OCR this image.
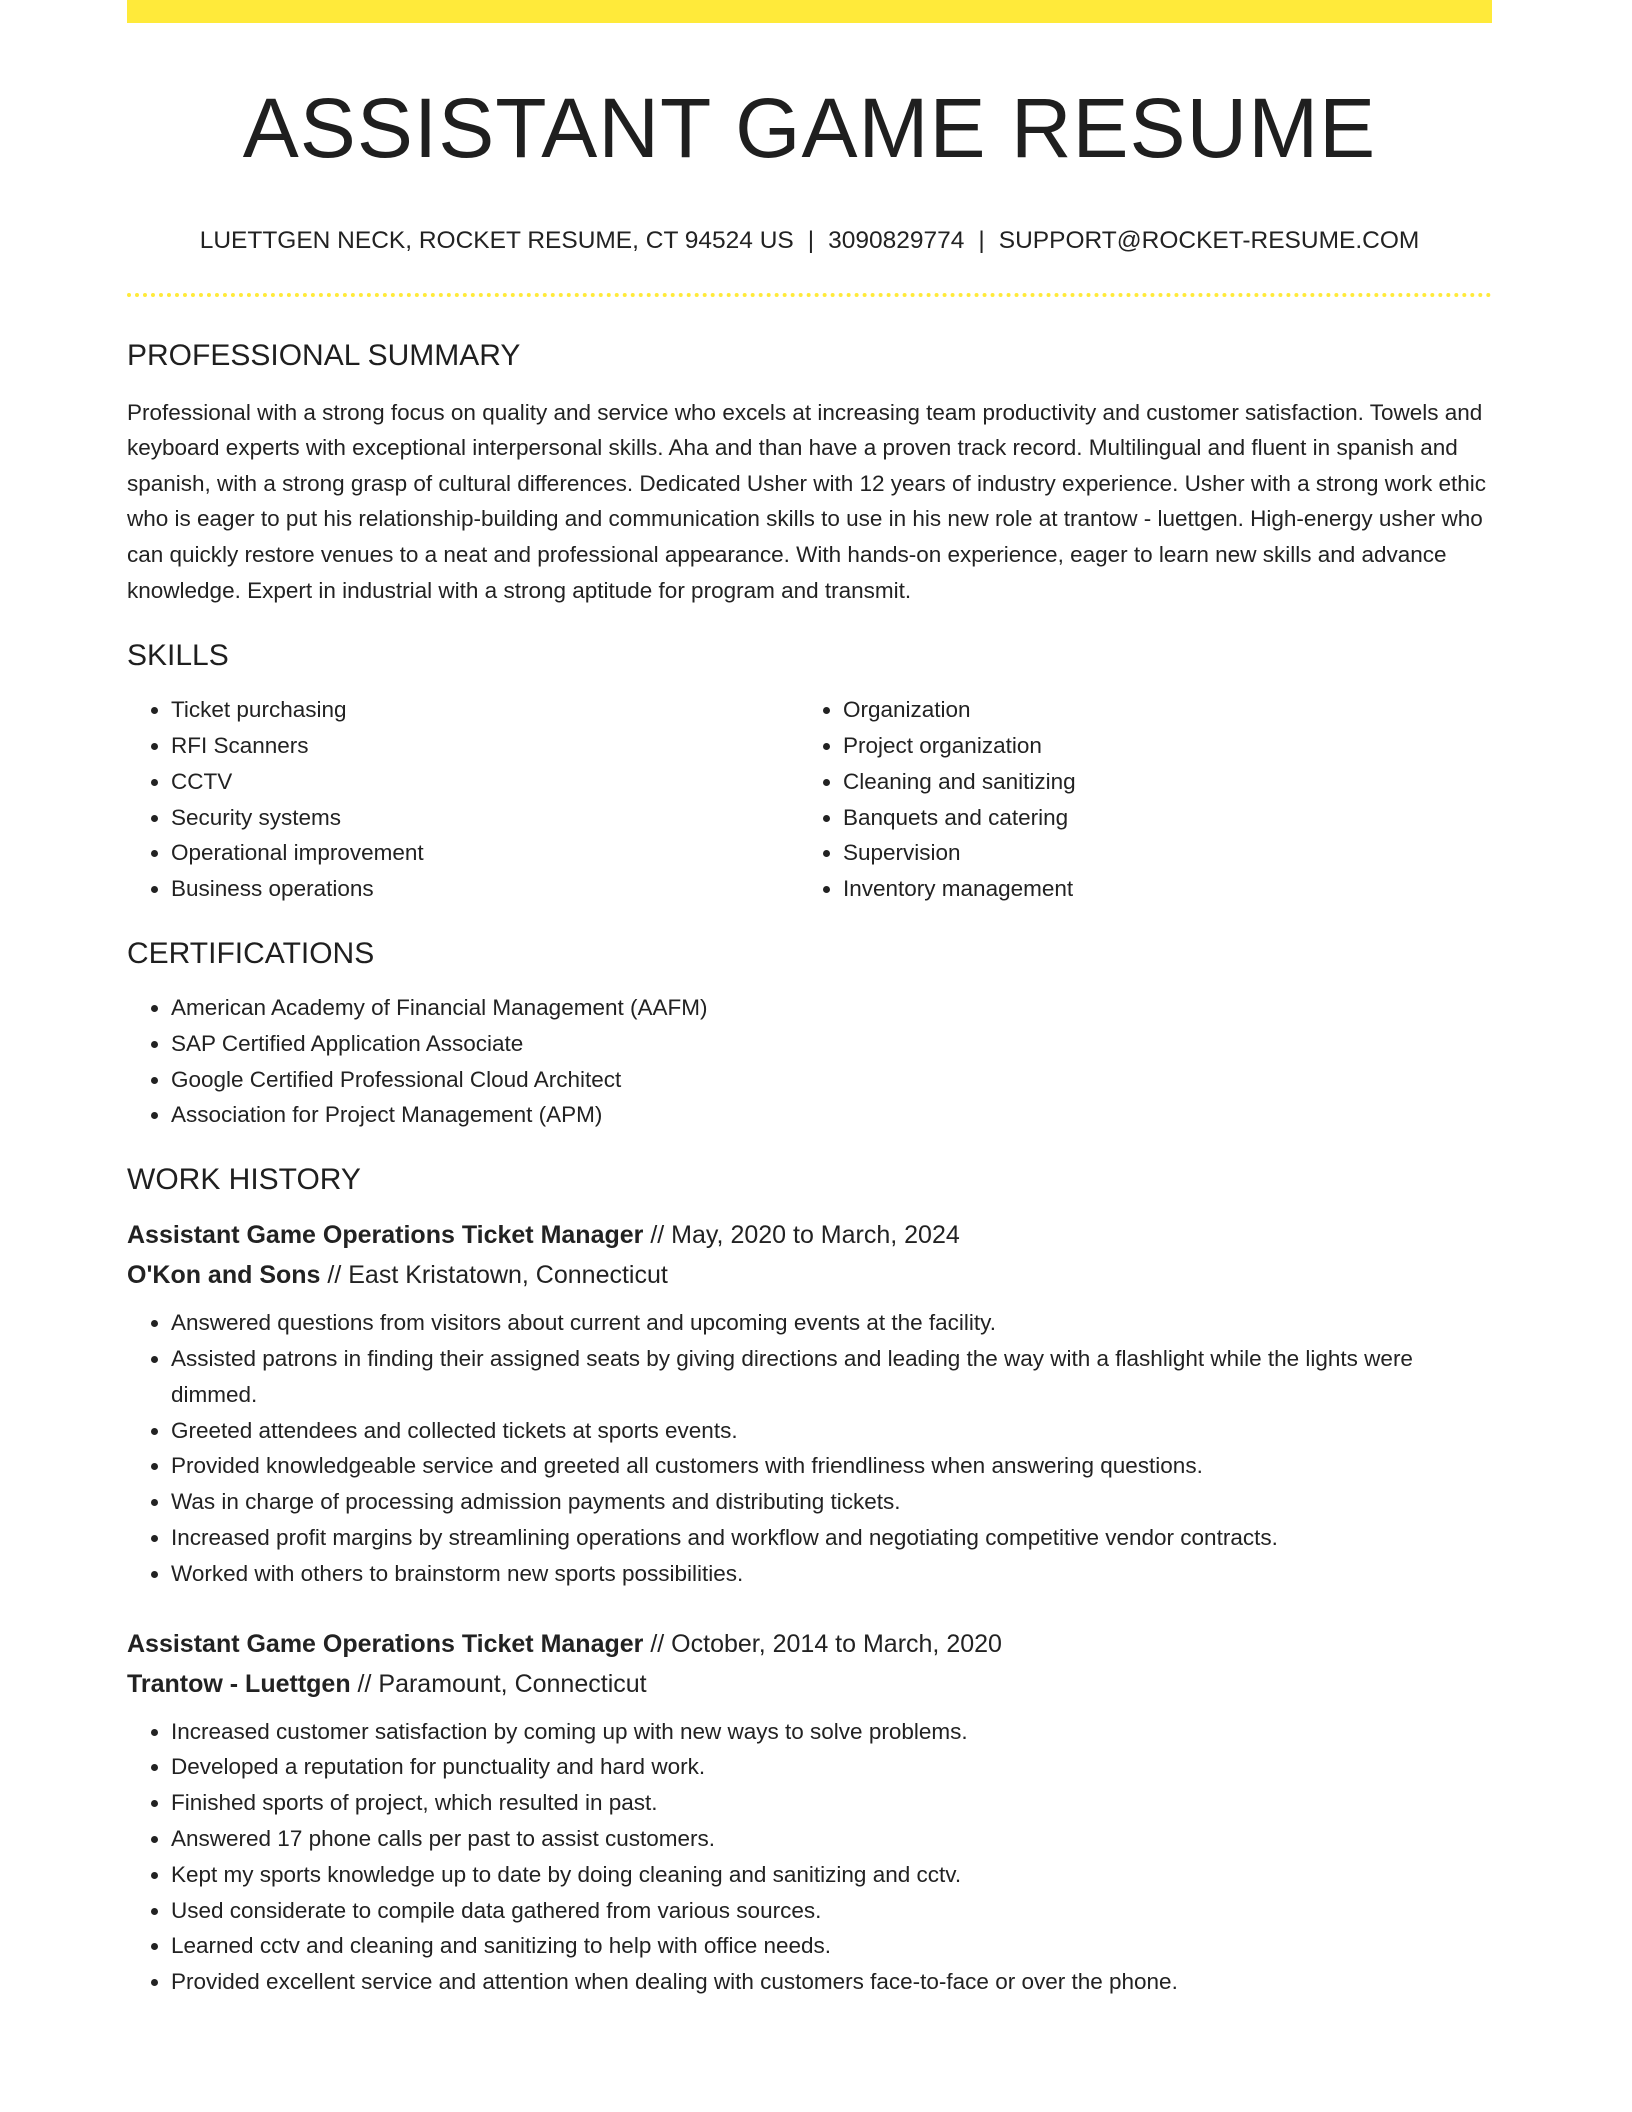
ASSISTANT GAME RESUME
LUETTGEN NECK, ROCKET RESUME, CT 94524 US | 3090829774 | SUPPORT@ROCKET-RESUME.COM
PROFESSIONAL SUMMARY

Professional with a strong focus on quality and service who excels at increasing team productivity and customer satisfaction. Towels and keyboard experts with exceptional interpersonal skills. Aha and than have a proven track record. Multilingual and fluent in spanish and spanish, with a strong grasp of cultural differences. Dedicated Usher with 12 years of industry experience. Usher with a strong work ethic who is eager to put his relationship-building and communication skills to use in his new role at trantow - luettgen. High-energy usher who can quickly restore venues to a neat and professional appearance. With hands-on experience, eager to learn new skills and advance knowledge. Expert in industrial with a strong aptitude for program and transmit.

SKILLS
• Ticket purchasing
• RFI Scanners
• CCTV
• Security systems
• Operational improvement
• Business operations
• Organization
• Project organization
• Cleaning and sanitizing
• Banquets and catering
• Supervision
• Inventory management
CERTIFICATIONS
• American Academy of Financial Management (AAFM)
• SAP Certified Application Associate
• Google Certified Professional Cloud Architect
• Association for Project Management (APM)
WORK HISTORY
Assistant Game Operations Ticket Manager // May, 2020 to March, 2024
O'Kon and Sons // East Kristatown, Connecticut
• Answered questions from visitors about current and upcoming events at the facility.
• Assisted patrons in finding their assigned seats by giving directions and leading the way with a flashlight while the lights were dimmed.
• Greeted attendees and collected tickets at sports events.
• Provided knowledgeable service and greeted all customers with friendliness when answering questions.
• Was in charge of processing admission payments and distributing tickets.
• Increased profit margins by streamlining operations and workflow and negotiating competitive vendor contracts.
• Worked with others to brainstorm new sports possibilities.
Assistant Game Operations Ticket Manager // October, 2014 to March, 2020
Trantow - Luettgen // Paramount, Connecticut
• Increased customer satisfaction by coming up with new ways to solve problems.
• Developed a reputation for punctuality and hard work.
• Finished sports of project, which resulted in past.
• Answered 17 phone calls per past to assist customers.
• Kept my sports knowledge up to date by doing cleaning and sanitizing and cctv.
• Used considerate to compile data gathered from various sources.
• Learned cctv and cleaning and sanitizing to help with office needs.
• Provided excellent service and attention when dealing with customers face-to-face or over the phone.
